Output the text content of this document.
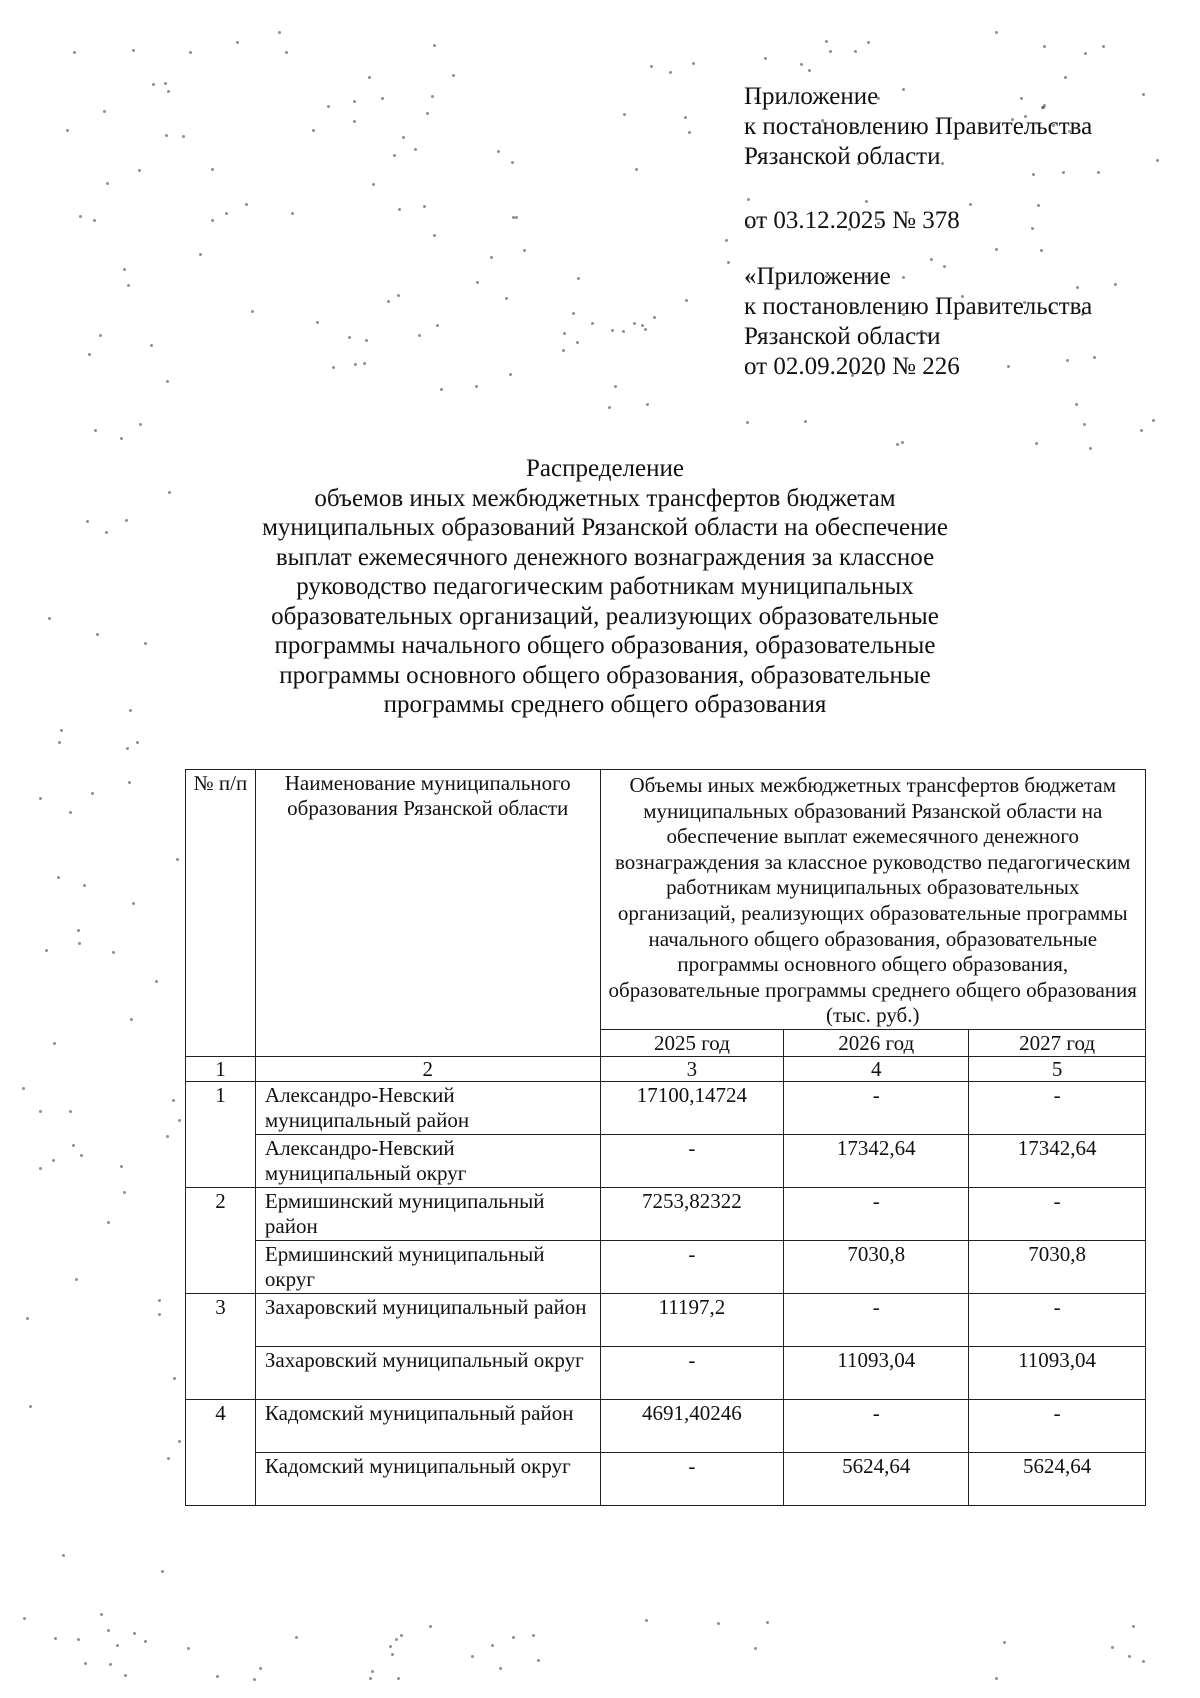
Приложение
к постановлению Правительства
Рязанской области
от 03.12.2025 № 378
«Приложение
к постановлению Правительства
Рязанской области
от 02.09.2020 № 226
Распределение
объемов иных межбюджетных трансфертов бюджетам
муниципальных образований Рязанской области на обеспечение
выплат ежемесячного денежного вознаграждения за классное
руководство педагогическим работникам муниципальных
образовательных организаций, реализующих образовательные
программы начального общего образования, образовательные
программы основного общего образования, образовательные
программы среднего общего образования
№ п/п	Наименование муниципального образования Рязанской области	Объемы иных межбюджетных трансфертов бюджетам муниципальных образований Рязанской области на обеспечение выплат ежемесячного денежного вознаграждения за классное руководство педагогическим работникам муниципальных образовательных организаций, реализующих образовательные программы начального общего образования, образовательные программы основного общего образования, образовательные программы среднего общего образования (тыс. руб.)		
		2025 год	2026 год	2027 год
1	2	3	4	5
1	Александро-Невский муниципальный район	17100,14724	-	-
	Александро-Невский муниципальный округ	-	17342,64	17342,64
2	Ермишинский муниципальный район	7253,82322	-	-
	Ермишинский муниципальный округ	-	7030,8	7030,8
3	Захаровский муниципальный район	11197,2	-	-
	Захаровский муниципальный округ	-	11093,04	11093,04
4	Кадомский муниципальный район	4691,40246	-	-
	Кадомский муниципальный округ	-	5624,64	5624,64
